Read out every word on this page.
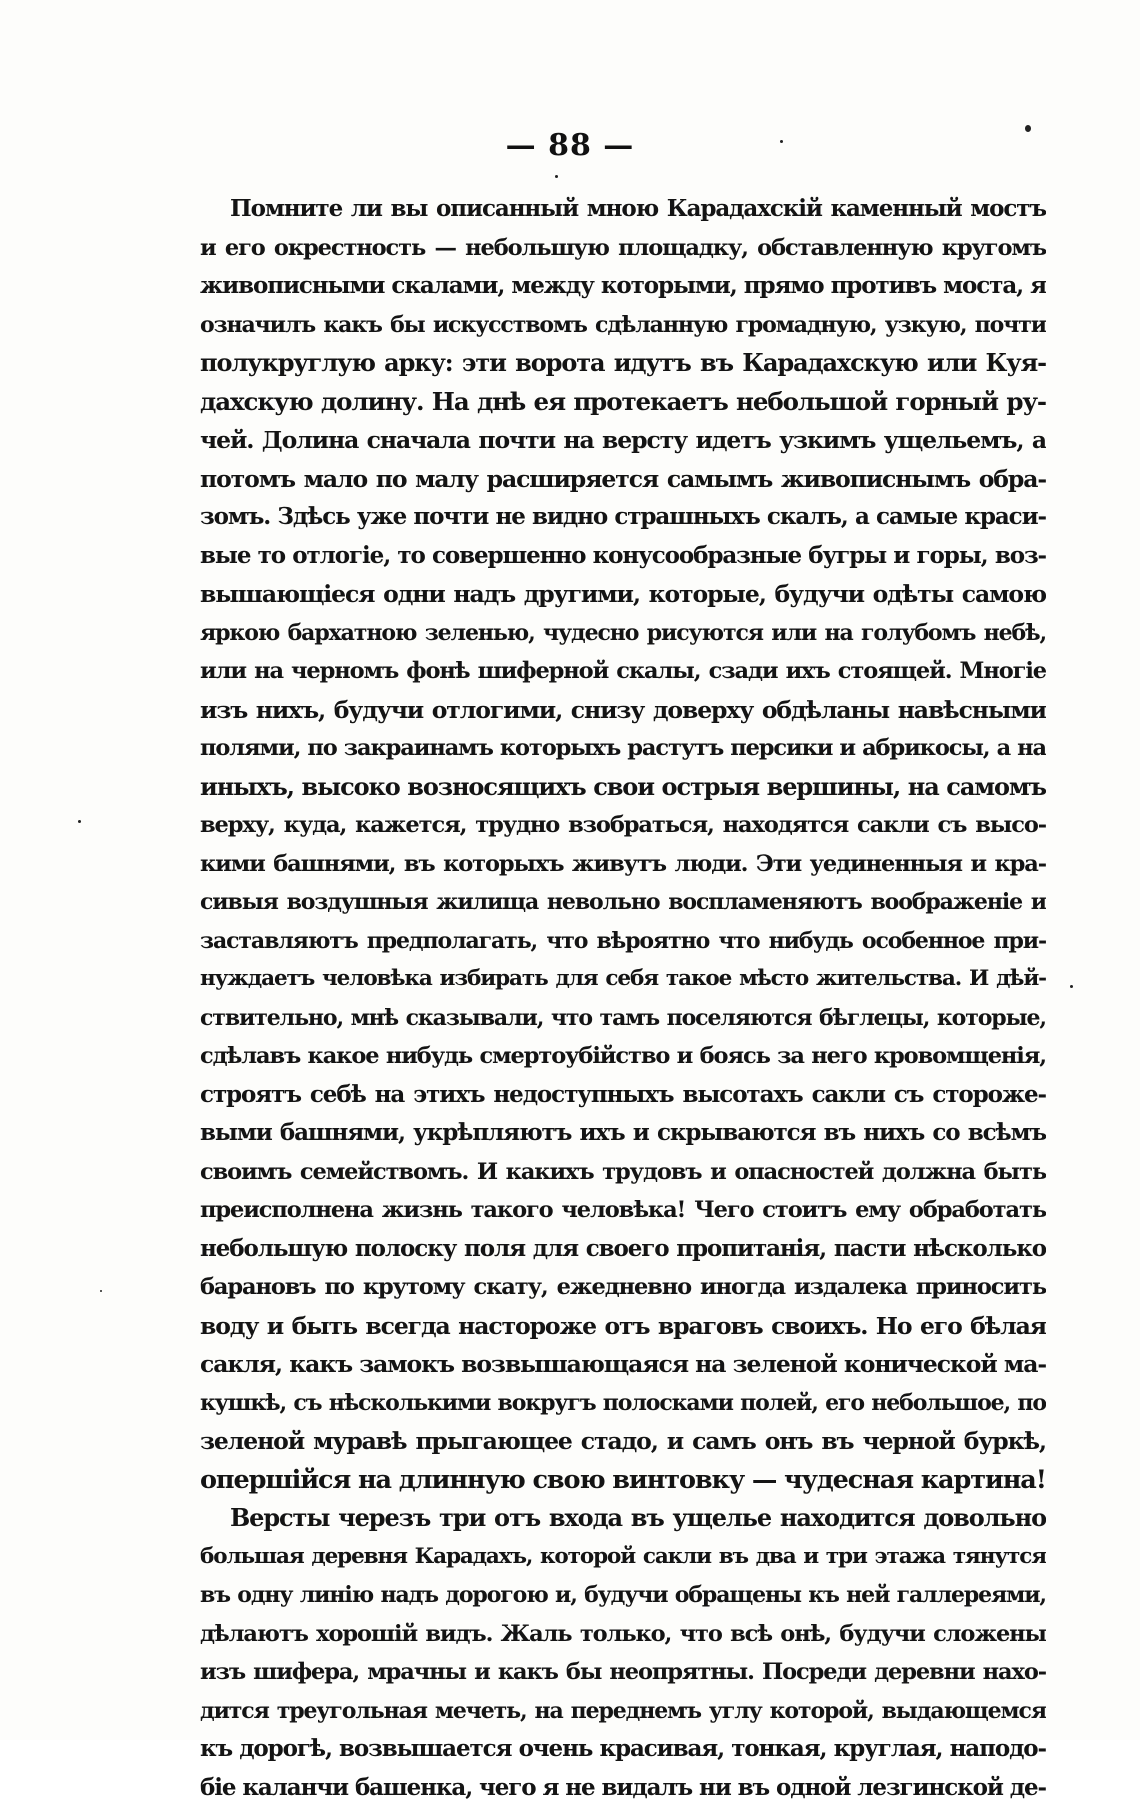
— 88 —
Помните ли вы описанный мною Карадахскій каменный мостъ
и его окрестность — небольшую площадку, обставленную кругомъ
живописными скалами, между которыми, прямо противъ моста, я
означилъ какъ бы искусствомъ сдѣланную громадную, узкую, почти
полукруглую арку: эти ворота идутъ въ Карадахскую или Куя-
дахскую долину. На днѣ ея протекаетъ небольшой горный ру-
чей. Долина сначала почти на версту идетъ узкимъ ущельемъ, а
потомъ мало по малу расширяется самымъ живописнымъ обра-
зомъ. Здѣсь уже почти не видно страшныхъ скалъ, а самые краси-
вые то отлогіе, то совершенно конусообразные бугры и горы, воз-
вышающіеся одни надъ другими, которые, будучи одѣты самою
яркою бархатною зеленью, чудесно рисуются или на голубомъ небѣ,
или на черномъ фонѣ шиферной скалы, сзади ихъ стоящей. Многіе
изъ нихъ, будучи отлогими, снизу доверху обдѣланы навѣсными
полями, по закраинамъ которыхъ растутъ персики и абрикосы, а на
иныхъ, высоко возносящихъ свои острыя вершины, на самомъ
верху, куда, кажется, трудно взобраться, находятся сакли съ высо-
кими башнями, въ которыхъ живутъ люди. Эти уединенныя и кра-
сивыя воздушныя жилища невольно воспламеняютъ воображеніе и
заставляютъ предполагать, что вѣроятно что нибудь особенное при-
нуждаетъ человѣка избирать для себя такое мѣсто жительства. И дѣй-
ствительно, мнѣ сказывали, что тамъ поселяются бѣглецы, которые,
сдѣлавъ какое нибудь смертоубійство и боясь за него кровомщенія,
строятъ себѣ на этихъ недоступныхъ высотахъ сакли съ стороже-
выми башнями, укрѣпляютъ ихъ и скрываются въ нихъ со всѣмъ
своимъ семействомъ. И какихъ трудовъ и опасностей должна быть
преисполнена жизнь такого человѣка! Чего стоитъ ему обработать
небольшую полоску поля для своего пропитанія, пасти нѣсколько
барановъ по крутому скату, ежедневно иногда издалека приносить
воду и быть всегда настороже отъ враговъ своихъ. Но его бѣлая
сакля, какъ замокъ возвышающаяся на зеленой конической ма-
кушкѣ, съ нѣсколькими вокругъ полосками полей, его небольшое, по
зеленой муравѣ прыгающее стадо, и самъ онъ въ черной буркѣ,
опершійся на длинную свою винтовку — чудесная картина!
Версты черезъ три отъ входа въ ущелье находится довольно
большая деревня Карадахъ, которой сакли въ два и три этажа тянутся
въ одну линію надъ дорогою и, будучи обращены къ ней галлереями,
дѣлаютъ хорошій видъ. Жаль только, что всѣ онѣ, будучи сложены
изъ шифера, мрачны и какъ бы неопрятны. Посреди деревни нахо-
дится треугольная мечеть, на переднемъ углу которой, выдающемся
къ дорогѣ, возвышается очень красивая, тонкая, круглая, наподо-
біе каланчи башенка, чего я не видалъ ни въ одной лезгинской де-
